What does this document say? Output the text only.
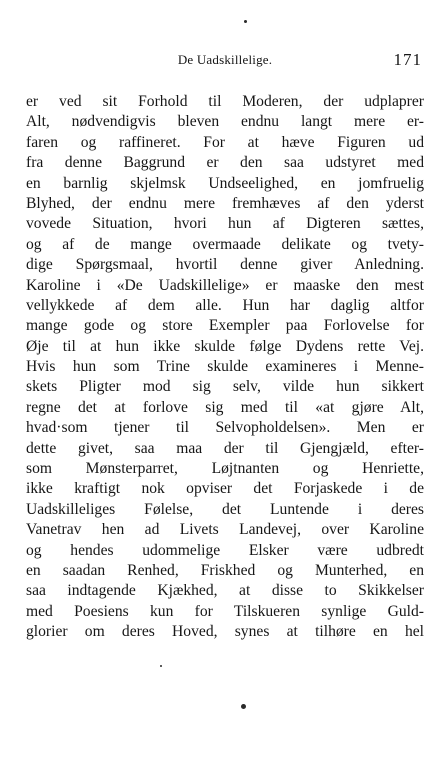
De Uadskillelige.	171
er ved sit Forhold til Moderen, der udplaprer
Alt, nødvendigvis bleven endnu langt mere er-
faren og raffineret. For at hæve Figuren ud
fra denne Baggrund er den saa udstyret med
en barnlig skjelmsk Undseelighed, en jomfruelig
Blyhed, der endnu mere fremhæves af den yderst
vovede Situation, hvori hun af Digteren sættes,
og af de mange overmaade delikate og tvety-
dige Spørgsmaal, hvortil denne giver Anledning.
Karoline i «De Uadskillelige» er maaske den mest
vellykkede af dem alle. Hun har daglig altfor
mange gode og store Exempler paa Forlovelse for
Øje til at hun ikke skulde følge Dydens rette Vej.
Hvis hun som Trine skulde examineres i Menne-
skets Pligter mod sig selv, vilde hun sikkert
regne det at forlove sig med til «at gjøre Alt,
hvad·som tjener til Selvopholdelsen». Men er
dette givet, saa maa der til Gjengjæld, efter-
som Mønsterparret, Løjtnanten og Henriette,
ikke kraftigt nok opviser det Forjaskede i de
Uadskilleliges Følelse, det Luntende i deres
Vanetrav hen ad Livets Landevej, over Karoline
og hendes udommelige Elsker være udbredt
en saadan Renhed, Friskhed og Munterhed, en
saa indtagende Kjækhed, at disse to Skikkelser
med Poesiens kun for Tilskueren synlige Guld-
glorier om deres Hoved, synes at tilhøre en hel
